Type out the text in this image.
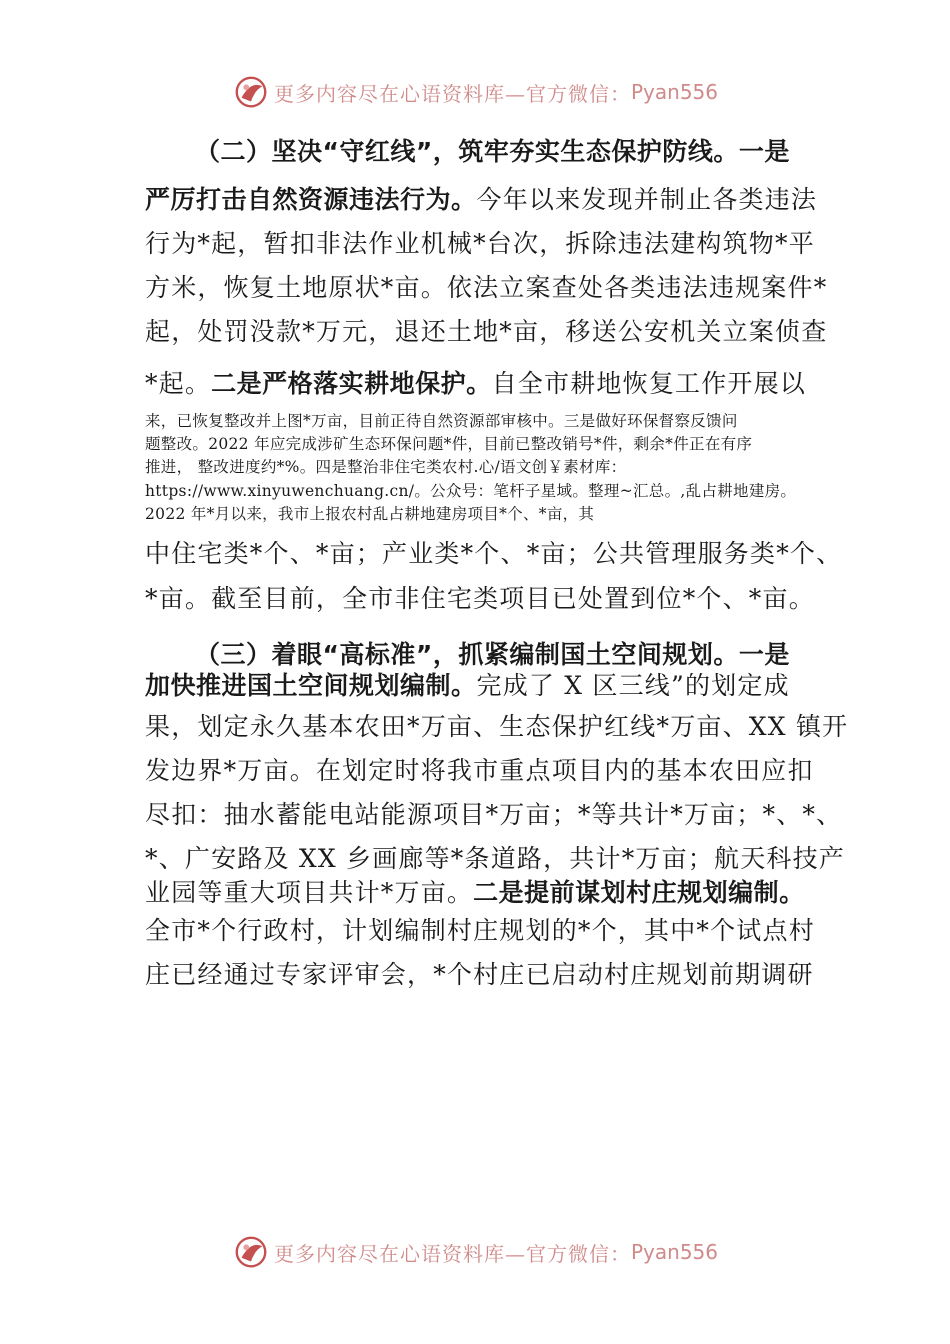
更多内容尽在心语资料库—官方微信： Pyan556
（二）坚决“守红线”，筑牢夯实生态保护防线。一是
严厉打击自然资源违法行为。今年以来发现并制止各类违法
行为*起，暂扣非法作业机械*台次，拆除违法建构筑物*平
方米，恢复土地原状*亩。依法立案查处各类违法违规案件*
起，处罚没款*万元，退还土地*亩，移送公安机关立案侦查
*起。二是严格落实耕地保护。自全市耕地恢复工作开展以
来，已恢复整改并上图*万亩，目前正待自然资源部审核中。三是做好环保督察反馈问
题整改。2022 年应完成涉矿生态环保问题*件，目前已整改销号*件，剩余*件正在有序
推进， 整改进度约*%。四是整治非住宅类农村.心/语文创￥素材库：
https://www.xinyuwenchuang.cn/。公众号：笔杆子星域。整理~汇总。,乱占耕地建房。
2022 年*月以来，我市上报农村乱占耕地建房项目*个、*亩，其
中住宅类*个、*亩；产业类*个、*亩；公共管理服务类*个、
*亩。截至目前，全市非住宅类项目已处置到位*个、*亩。
（三）着眼“高标准”，抓紧编制国土空间规划。一是
加快推进国土空间规划编制。完成了 X 区三线”的划定成
果，划定永久基本农田*万亩、生态保护红线*万亩、XX 镇开
发边界*万亩。在划定时将我市重点项目内的基本农田应扣
尽扣：抽水蓄能电站能源项目*万亩；*等共计*万亩；*、*、
*、广安路及 XX 乡画廊等*条道路，共计*万亩；航天科技产
业园等重大项目共计*万亩。二是提前谋划村庄规划编制。
全市*个行政村，计划编制村庄规划的*个，其中*个试点村
庄已经通过专家评审会，*个村庄已启动村庄规划前期调研
更多内容尽在心语资料库—官方微信： Pyan556
